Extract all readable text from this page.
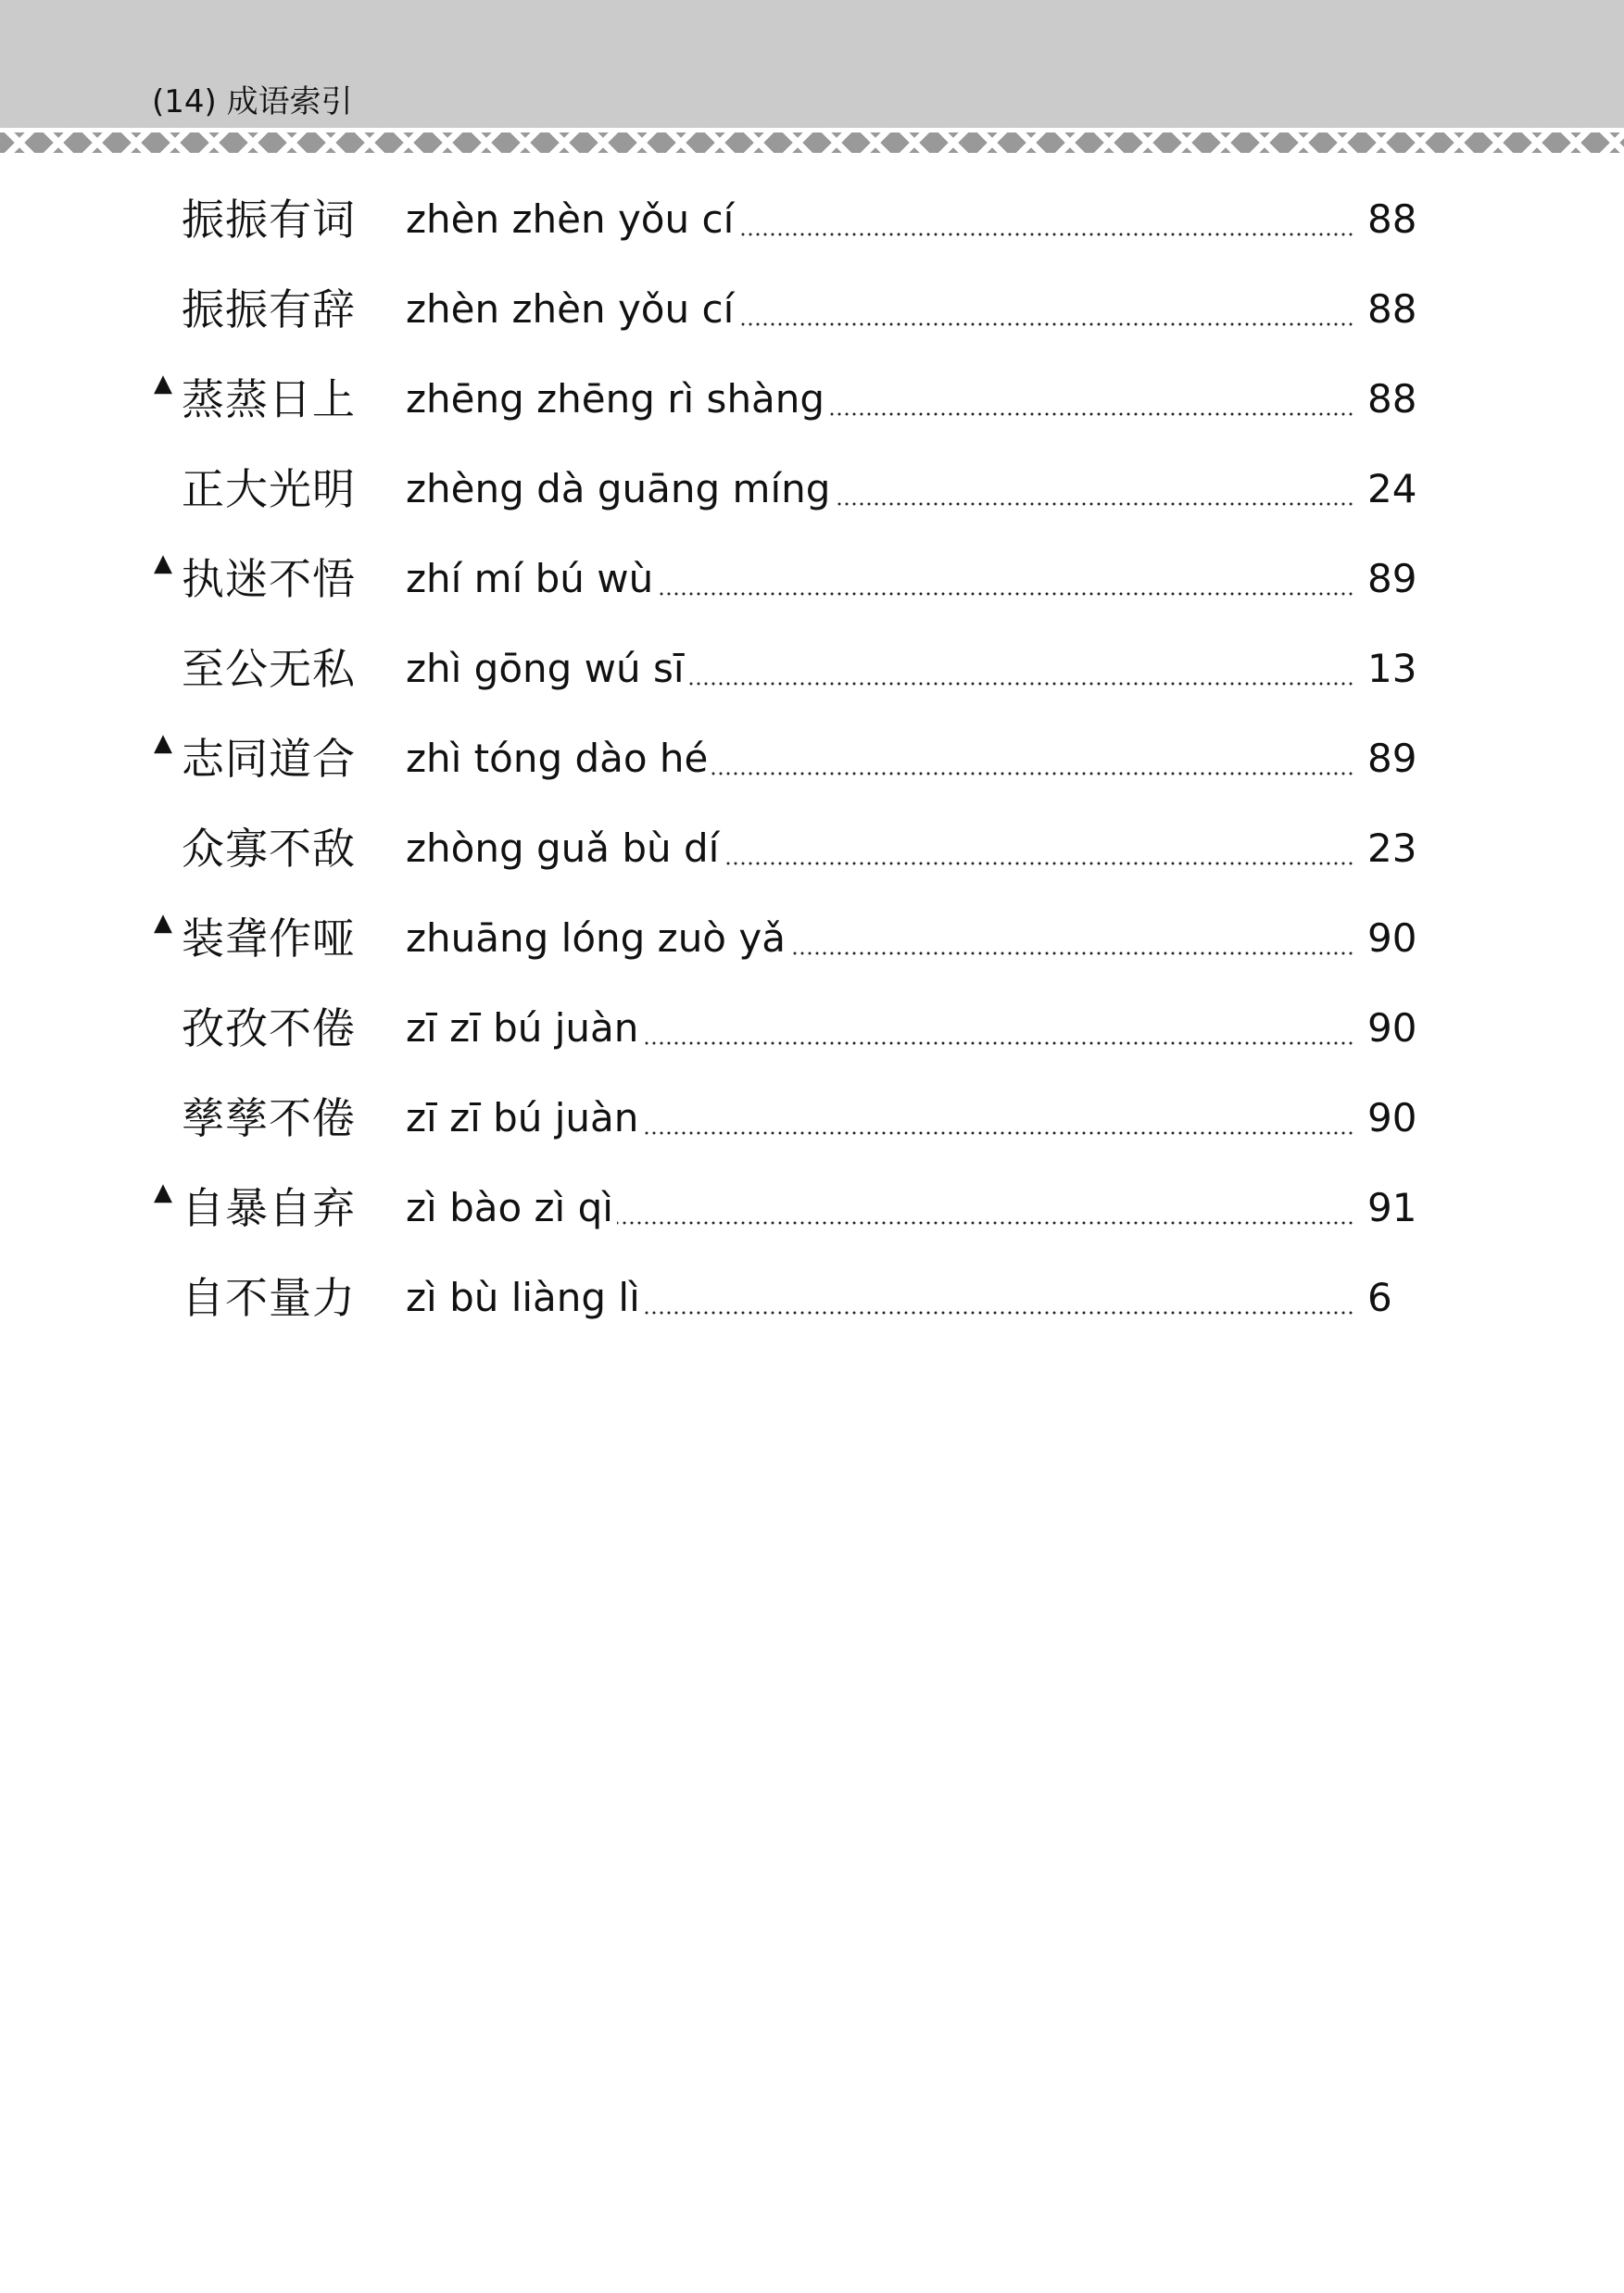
(14) 成语索引
振振有词 zhèn zhèn yǒu cí	88
振振有辞 zhèn zhèn yǒu cí	88
▲ 蒸蒸日上 zhēng zhēng rì shàng	88
正大光明 zhèng dà guāng míng	24
▲ 执迷不悟 zhí mí bú wù	89
至公无私 zhì gōng wú sī	13
▲ 志同道合 zhì tóng dào hé	89
众寡不敌 zhòng guǎ bù dí	23
▲ 装聋作哑 zhuāng lóng zuò yǎ	90
孜孜不倦 zī zī bú juàn	90
孳孳不倦 zī zī bú juàn	90
▲ 自暴自弃 zì bào zì qì	91
自不量力 zì bù liàng lì	6
